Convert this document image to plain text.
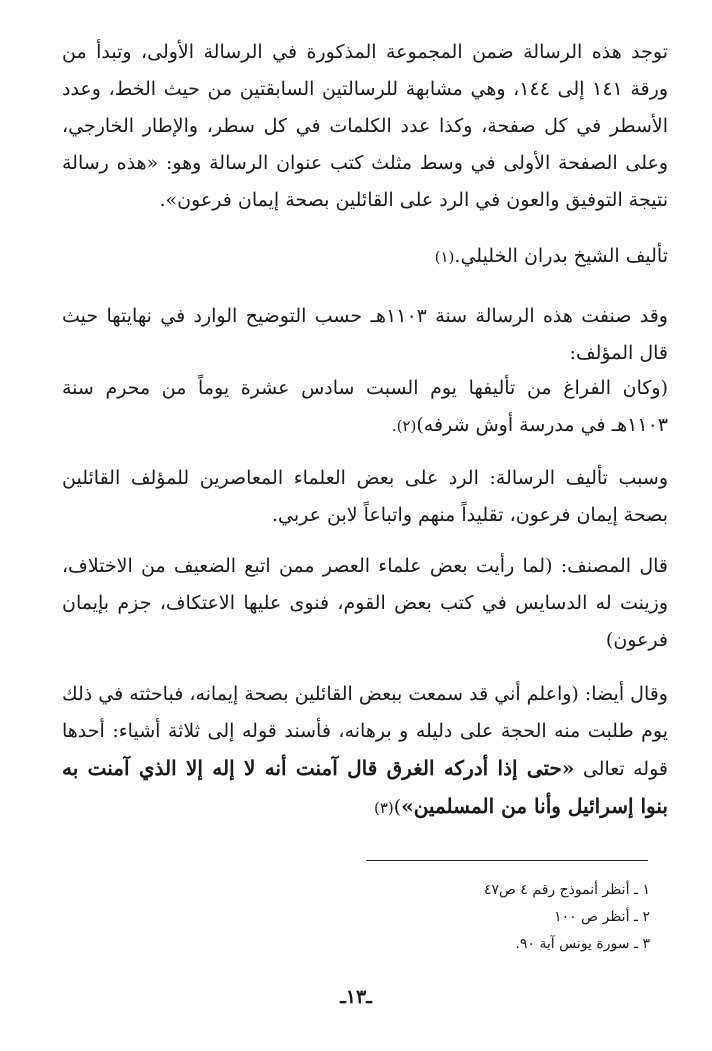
توجد هذه الرسالة ضمن المجموعة المذكورة في الرسالة الأولى، وتبدأ من ورقة ١٤١ إلى ١٤٤، وهي مشابهة للرسالتين السابقتين من حيث الخط، وعدد الأسطر في كل صفحة، وكذا عدد الكلمات في كل سطر، والإطار الخارجي، وعلى الصفحة الأولى في وسط مثلث كتب عنوان الرسالة وهو: «هذه رسالة نتيجة التوفيق والعون في الرد على القائلين بصحة إيمان فرعون».

تأليف الشيخ بدران الخليلي.(١)

وقد صنفت هذه الرسالة سنة ١١٠٣هـ حسب التوضيح الوارد في نهايتها حيث قال المؤلف:

(وكان الفراغ من تأليفها يوم السبت سادس عشرة يوماً من محرم سنة ١١٠٣هـ في مدرسة أوش شرفه)(٢).

وسبب تأليف الرسالة: الرد على بعض العلماء المعاصرين للمؤلف القائلين بصحة إيمان فرعون، تقليداً منهم واتباعاً لابن عربي.

قال المصنف: (لما رأيت بعض علماء العصر ممن اتبع الضعيف من الاختلاف، وزينت له الدسايس في كتب بعض القوم، فنوى عليها الاعتكاف، جزم بإيمان فرعون)

وقال أيضا: (واعلم أني قد سمعت ببعض القائلين بصحة إيمانه، فباحثته في ذلك يوم طلبت منه الحجة على دليله و برهانه، فأسند قوله إلى ثلاثة أشياء: أحدها قوله تعالى «حتى إذا أدركه الغرق قال آمنت أنه لا إله إلا الذي آمنت به بنوا إسرائيل وأنا من المسلمين»)(٣)

١ ـ أنظر أنموذج رقم ٤ ص٤٧
٢ ـ أنظر ص ١٠٠
٣ ـ سورة يونس آية ٩٠.
ـ١٣ـ
